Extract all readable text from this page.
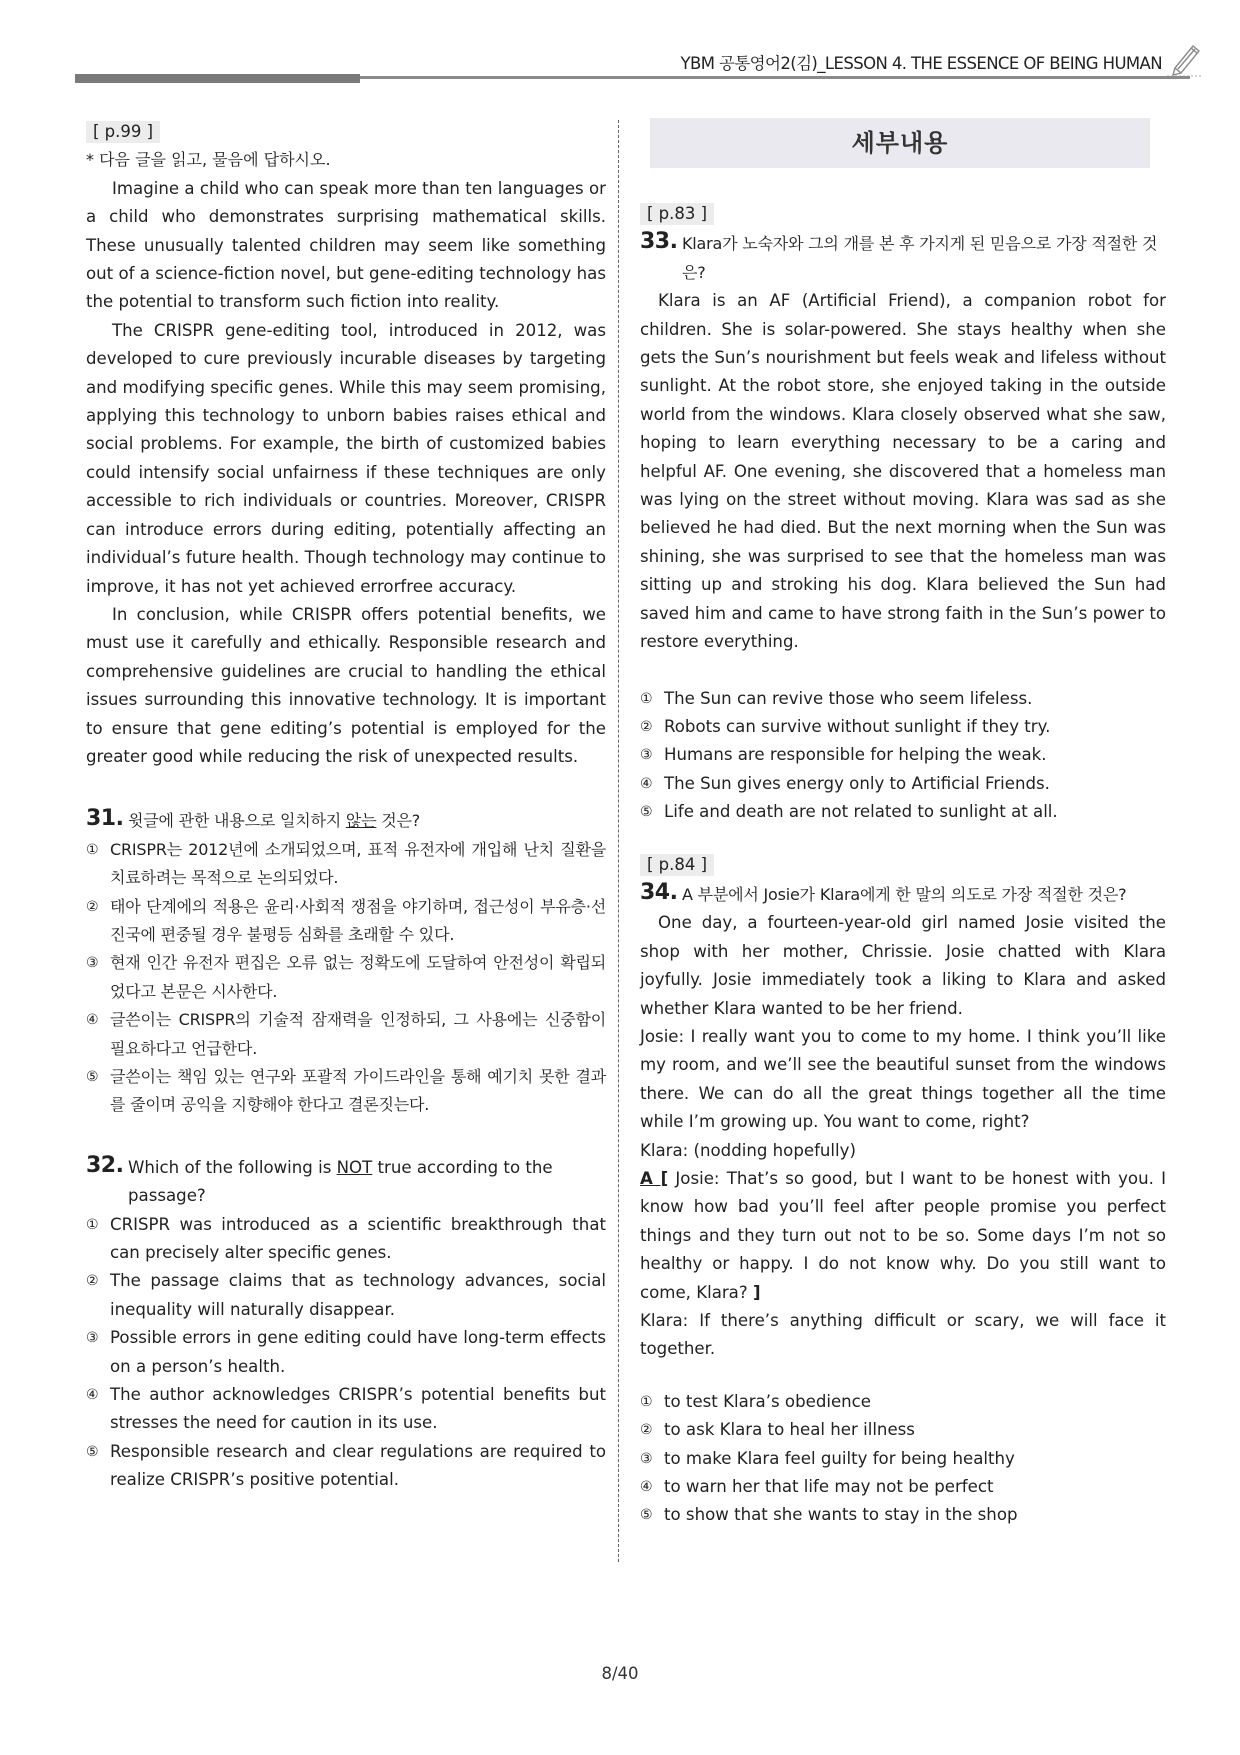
YBM 공통영어2(김)_LESSON 4. THE ESSENCE OF BEING HUMAN
[ p.99 ]

* 다음 글을 읽고, 물음에 답하시오.

Imagine a child who can speak more than ten languages or a child who demonstrates surprising mathematical skills. These unusually talented children may seem like something out of a science-fiction novel, but gene-editing technology has the potential to transform such fiction into reality.

The CRISPR gene-editing tool, introduced in 2012, was developed to cure previously incurable diseases by targeting and modifying specific genes. While this may seem promising, applying this technology to unborn babies raises ethical and social problems. For example, the birth of customized babies could intensify social unfairness if these techniques are only accessible to rich individuals or countries. Moreover, CRISPR can introduce errors during editing, potentially affecting an individual’s future health. Though technology may continue to improve, it has not yet achieved errorfree accuracy.

In conclusion, while CRISPR offers potential benefits, we must use it carefully and ethically. Responsible research and comprehensive guidelines are crucial to handling the ethical issues surrounding this innovative technology. It is important to ensure that gene editing’s potential is employed for the greater good while reducing the risk of unexpected results.

31. 윗글에 관한 내용으로 일치하지 않는 것은?
① CRISPR는 2012년에 소개되었으며, 표적 유전자에 개입해 난치 질환을 치료하려는 목적으로 논의되었다.
② 태아 단계에의 적용은 윤리·사회적 쟁점을 야기하며, 접근성이 부유층·선진국에 편중될 경우 불평등 심화를 초래할 수 있다.
③ 현재 인간 유전자 편집은 오류 없는 정확도에 도달하여 안전성이 확립되었다고 본문은 시사한다.
④ 글쓴이는 CRISPR의 기술적 잠재력을 인정하되, 그 사용에는 신중함이 필요하다고 언급한다.
⑤ 글쓴이는 책임 있는 연구와 포괄적 가이드라인을 통해 예기치 못한 결과를 줄이며 공익을 지향해야 한다고 결론짓는다.
32. Which of the following is NOT true according to the passage?
① CRISPR was introduced as a scientific breakthrough that can precisely alter specific genes.
② The passage claims that as technology advances, social inequality will naturally disappear.
③ Possible errors in gene editing could have long-term effects on a person’s health.
④ The author acknowledges CRISPR’s potential benefits but stresses the need for caution in its use.
⑤ Responsible research and clear regulations are required to realize CRISPR’s positive potential.
세부내용
[ p.83 ]
33. Klara가 노숙자와 그의 개를 본 후 가지게 된 믿음으로 가장 적절한 것은?

Klara is an AF (Artificial Friend), a companion robot for children. She is solar-powered. She stays healthy when she gets the Sun’s nourishment but feels weak and lifeless without sunlight. At the robot store, she enjoyed taking in the outside world from the windows. Klara closely observed what she saw, hoping to learn everything necessary to be a caring and helpful AF. One evening, she discovered that a homeless man was lying on the street without moving. Klara was sad as she believed he had died. But the next morning when the Sun was shining, she was surprised to see that the homeless man was sitting up and stroking his dog. Klara believed the Sun had saved him and came to have strong faith in the Sun’s power to restore everything.

① The Sun can revive those who seem lifeless.
② Robots can survive without sunlight if they try.
③ Humans are responsible for helping the weak.
④ The Sun gives energy only to Artificial Friends.
⑤ Life and death are not related to sunlight at all.
[ p.84 ]
34. A 부분에서 Josie가 Klara에게 한 말의 의도로 가장 적절한 것은?

One day, a fourteen-year-old girl named Josie visited the shop with her mother, Chrissie. Josie chatted with Klara joyfully. Josie immediately took a liking to Klara and asked whether Klara wanted to be her friend.

Josie: I really want you to come to my home. I think you’ll like my room, and we’ll see the beautiful sunset from the windows there. We can do all the great things together all the time while I’m growing up. You want to come, right?

Klara: (nodding hopefully)

A [ Josie: That’s so good, but I want to be honest with you. I know how bad you’ll feel after people promise you perfect things and they turn out not to be so. Some days I’m not so healthy or happy. I do not know why. Do you still want to come, Klara? ]

Klara: If there’s anything difficult or scary, we will face it together.

① to test Klara’s obedience
② to ask Klara to heal her illness
③ to make Klara feel guilty for being healthy
④ to warn her that life may not be perfect
⑤ to show that she wants to stay in the shop
8/40
